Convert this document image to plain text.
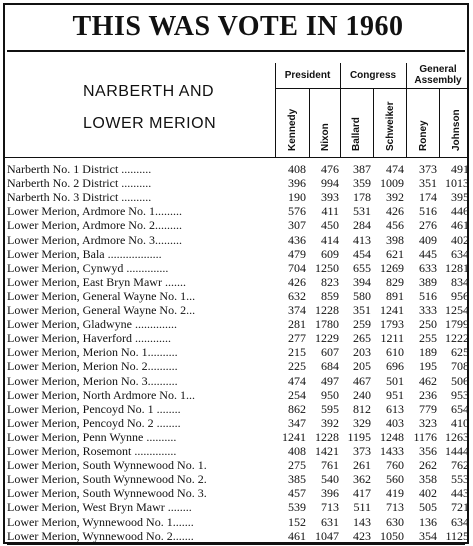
THIS WAS VOTE IN 1960
NARBERTH AND
LOWER MERION
President	Congress
General
Assembly
Kennedy Nixon Ballard Schweiker Roney Johnson
Narberth No. 1 District ..........	408	476	387	474	373	491
Narberth No. 2 District ..........	396	994	359 1009	351 1013
Narberth No. 3 District ..........	190	393	178	392	174	395
Lower Merion, Ardmore No. 1.........	576	411	531	426	516	446
Lower Merion, Ardmore No. 2.........	307	450	284	456	276	461
Lower Merion, Ardmore No. 3.........	436	414	413	398	409	402
Lower Merion, Bala ..................	479	609	454	621	445	634
Lower Merion, Cynwyd ..............	704 1250	655 1269	633 1281
Lower Merion, East Bryn Mawr .......	426	823	394	829	389	834
Lower Merion, General Wayne No. 1...	632	859	580	891	516	956
Lower Merion, General Wayne No. 2...	374 1228	351 1241	333 1254
Lower Merion, Gladwyne ..............	281 1780	259 1793	250 1799
Lower Merion, Haverford ............	277 1229	265 1211	255 1222
Lower Merion, Merion No. 1..........	215	607	203	610	189	625
Lower Merion, Merion No. 2..........	225	684	205	696	195	708
Lower Merion, Merion No. 3..........	474	497	467	501	462	506
Lower Merion, North Ardmore No. 1...	254	950	240	951	236	953
Lower Merion, Pencoyd No. 1 ........	862	595	812	613	779	654
Lower Merion, Pencoyd No. 2 ........	347	392	329	403	323	410
Lower Merion, Penn Wynne ..........	1241 1228 1195 1248 1176 1263
Lower Merion, Rosemont ..............	408 1421	373 1433	356 1444
Lower Merion, South Wynnewood No. 1.	275	761	261	760	262	762
Lower Merion, South Wynnewood No. 2.	385	540	362	560	358	553
Lower Merion, South Wynnewood No. 3.	457	396	417	419	402	443
Lower Merion, West Bryn Mawr ........	539	713	511	713	505	721
Lower Merion, Wynnewood No. 1.......	152	631	143	630	136	634
Lower Merion, Wynnewood No. 2.......	461 1047	423 1050	354 1125
